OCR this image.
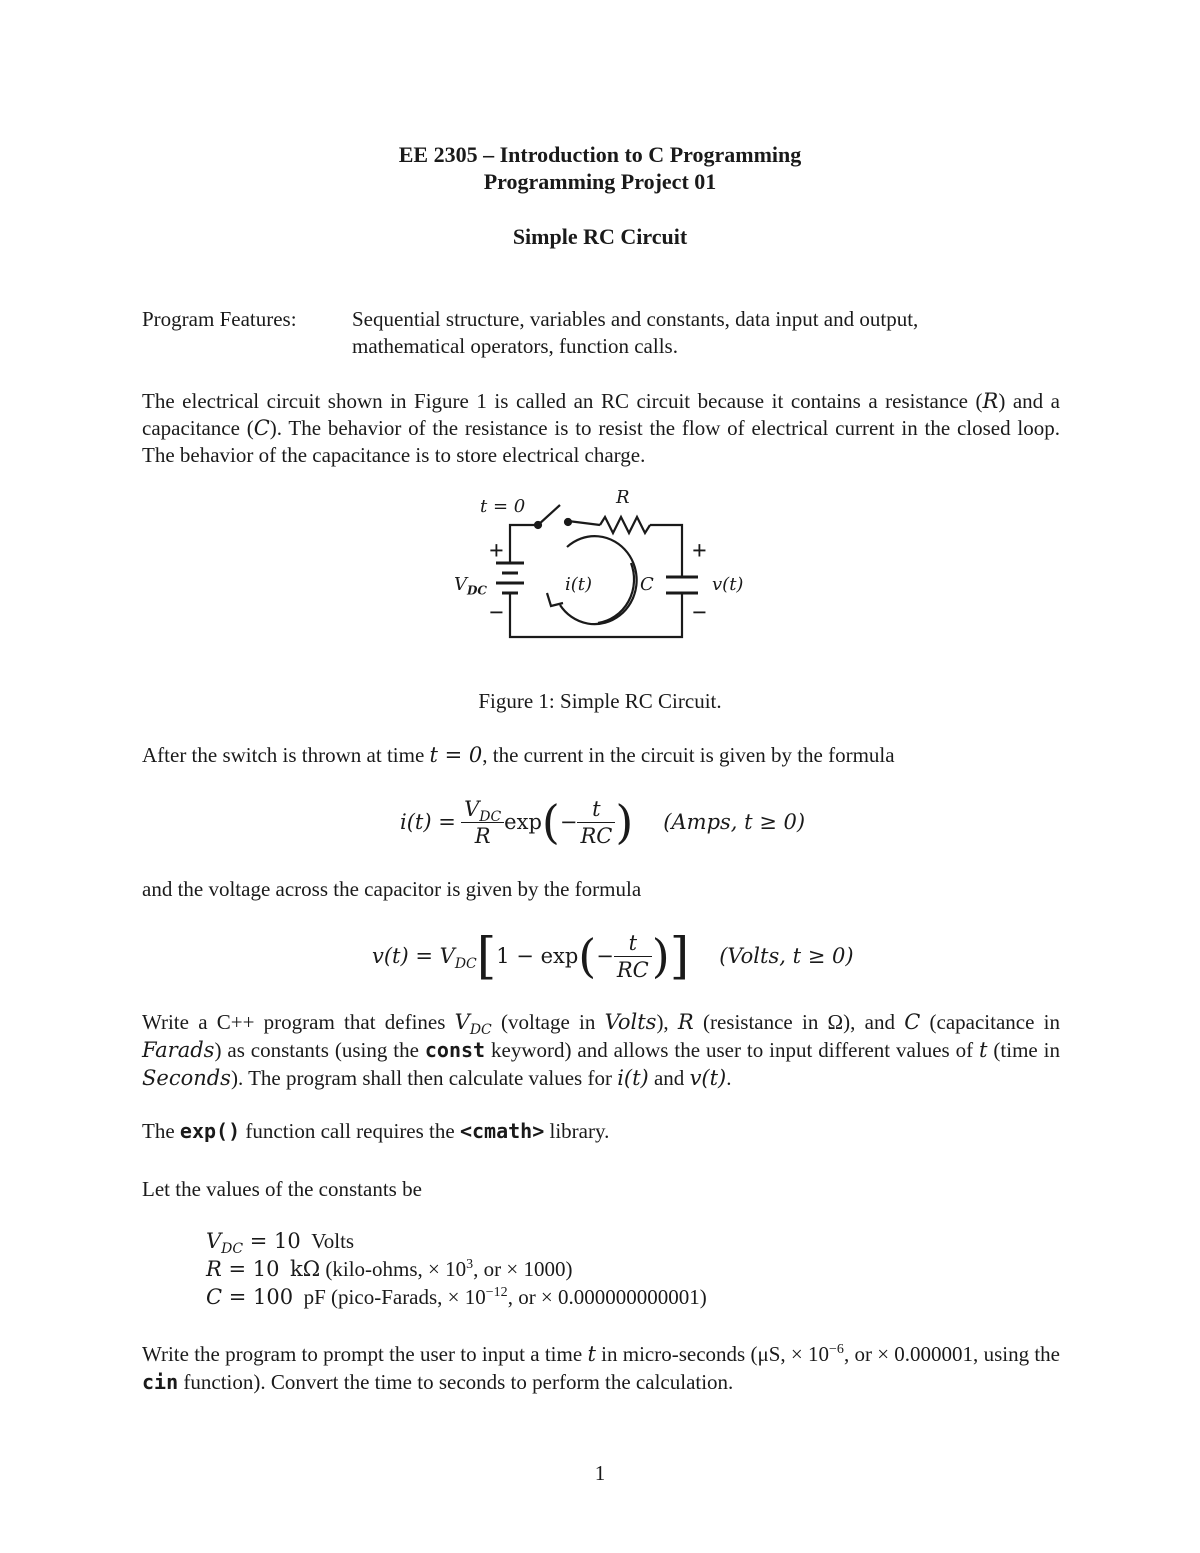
EE 2305 – Introduction to C Programming
Programming Project 01
Simple RC Circuit
Program Features:	Sequential structure, variables and constants, data input and output,
mathematical operators, function calls.
The electrical circuit shown in Figure 1 is called an RC circuit because it contains a resistance (R) and a capacitance (C). The behavior of the resistance is to resist the flow of electrical current in the closed loop. The behavior of the capacitance is to store electrical charge.
t = 0	R
+
−
$V_{DC}$	i(t)	C
+
−
v(t)
Figure 1: Simple RC Circuit.
After the switch is thrown at time t = 0, the current in the circuit is given by the formula
i(t) =
$\frac{V_{DC}}{R}$ exp ( − $\frac{t}{RC}$ ) (Amps, t ≥ 0)
and the voltage across the capacitor is given by the formula
$v(t) = V_{DC}$ [ 1 − exp ( − $\frac{t}{RC}$ ) ] (Volts, t ≥ 0)
Write a C++ program that defines $V_{DC}$ (voltage in Volts), R (resistance in Ω), and C (capacitance in Farads) as constants (using the const keyword) and allows the user to input different values of t (time in Seconds). The program shall then calculate values for i(t) and v(t).
The exp() function call requires the <cmath> library.
Let the values of the constants be
$V_{DC} = 10$ Volts
R = 10 kΩ (kilo-ohms, × $10^3$, or × 1000)
C = 100 pF (pico-Farads, × $10^{-12}$, or × 0.000000000001)
Write the program to prompt the user to input a time t in micro-seconds (μS, × $10^{-6}$, or × 0.000001, using the cin function). Convert the time to seconds to perform the calculation.
1
